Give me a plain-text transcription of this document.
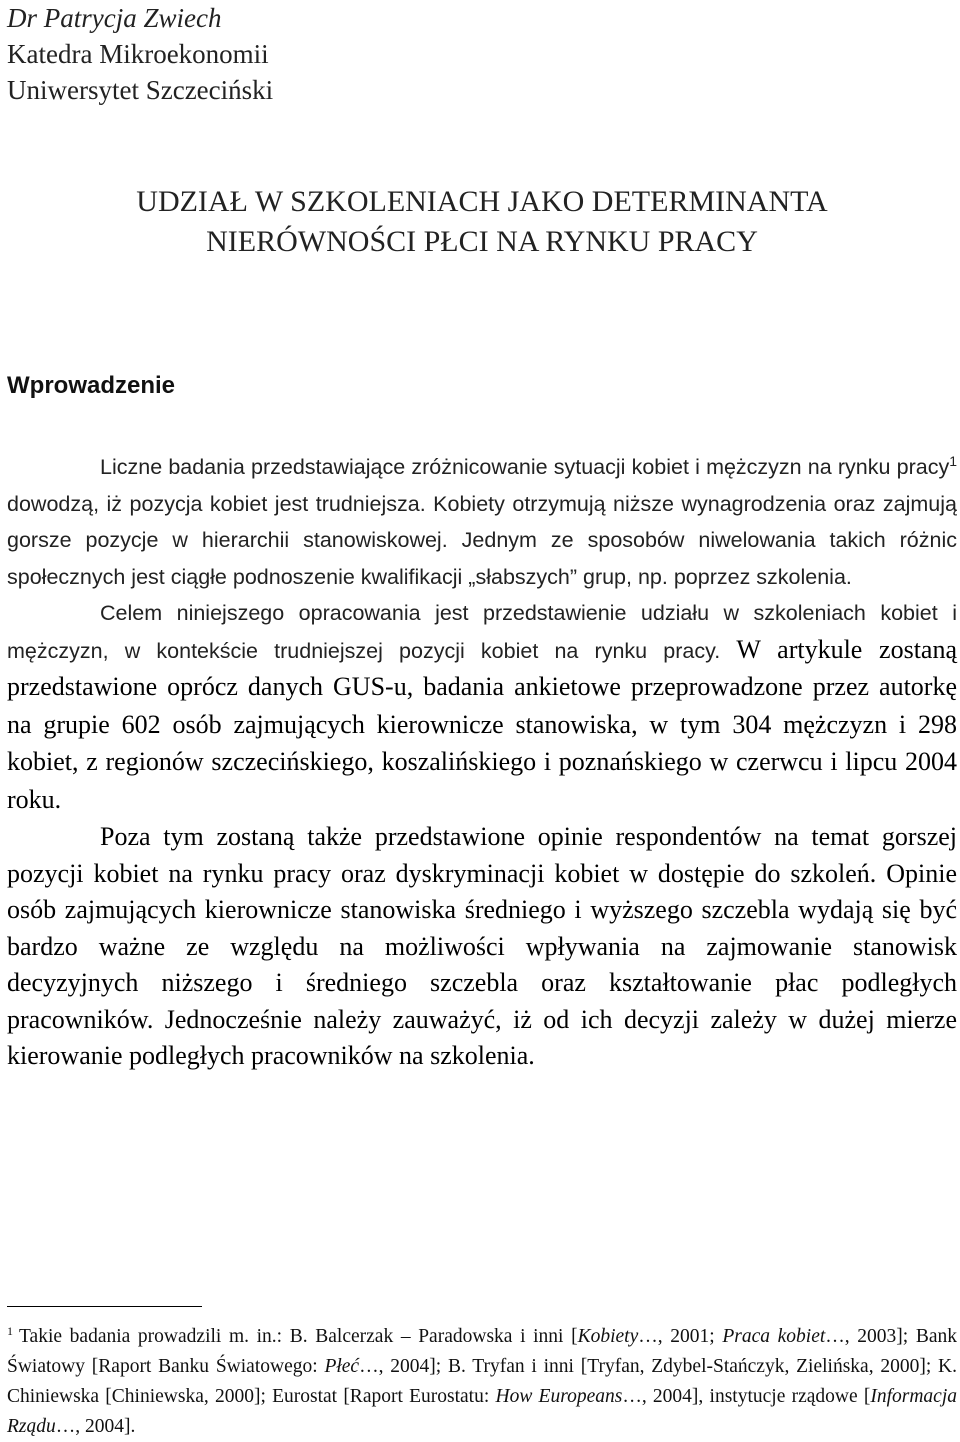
Dr Patrycja Zwiech
Katedra Mikroekonomii
Uniwersytet Szczeciński
UDZIAŁ W SZKOLENIACH JAKO DETERMINANTA
NIERÓWNOŚCI PŁCI NA RYNKU PRACY
Wprowadzenie

Liczne badania przedstawiające zróżnicowanie sytuacji kobiet i mężczyzn na rynku pracy$^1$ dowodzą, iż pozycja kobiet jest trudniejsza. Kobiety otrzymują niższe wynagrodzenia oraz zajmują gorsze pozycje w hierarchii stanowiskowej. Jednym ze sposobów niwelowania takich różnic społecznych jest ciągłe podnoszenie kwalifikacji „słabszych” grup, np. poprzez szkolenia.

Celem niniejszego opracowania jest przedstawienie udziału w szkoleniach kobiet i mężczyzn, w kontekście trudniejszej pozycji kobiet na rynku pracy. W artykule zostaną przedstawione oprócz danych GUS-u, badania ankietowe przeprowadzone przez autorkę na grupie 602 osób zajmujących kierownicze stanowiska, w tym 304 mężczyzn i 298 kobiet, z regionów szczecińskiego, koszalińskiego i poznańskiego w czerwcu i lipcu 2004 roku.

Poza tym zostaną także przedstawione opinie respondentów na temat gorszej pozycji kobiet na rynku pracy oraz dyskryminacji kobiet w dostępie do szkoleń. Opinie osób zajmujących kierownicze stanowiska średniego i wyższego szczebla wydają się być bardzo ważne ze względu na możliwości wpływania na zajmowanie stanowisk decyzyjnych niższego i średniego szczebla oraz kształtowanie płac podległych pracowników. Jednocześnie należy zauważyć, iż od ich decyzji zależy w dużej mierze kierowanie podległych pracowników na szkolenia.

$^1$ Takie badania prowadzili m. in.: B. Balcerzak – Paradowska i inni [Kobiety…, 2001; Praca kobiet…, 2003]; Bank Światowy [Raport Banku Światowego: Płeć…, 2004]; B. Tryfan i inni [Tryfan, Zdybel-Stańczyk, Zielińska, 2000]; K. Chiniewska [Chiniewska, 2000]; Eurostat [Raport Eurostatu: How Europeans…, 2004], instytucje rządowe [Informacja Rządu…, 2004].
